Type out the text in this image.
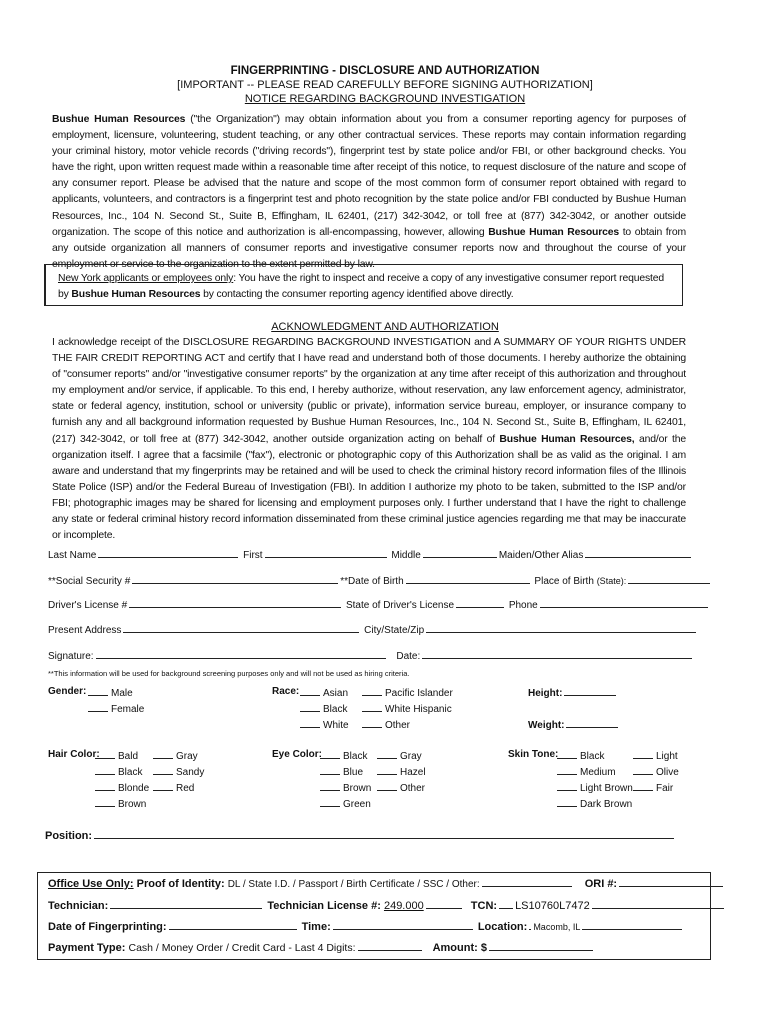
FINGERPRINTING - DISCLOSURE AND AUTHORIZATION
[IMPORTANT -- PLEASE READ CAREFULLY BEFORE SIGNING AUTHORIZATION]
NOTICE REGARDING BACKGROUND INVESTIGATION
Bushue Human Resources ("the Organization") may obtain information about you from a consumer reporting agency for purposes of employment, licensure, volunteering, student teaching, or any other contractual services. These reports may contain information regarding your criminal history, motor vehicle records ("driving records"), fingerprint test by state police and/or FBI, or other background checks. You have the right, upon written request made within a reasonable time after receipt of this notice, to request disclosure of the nature and scope of any consumer report. Please be advised that the nature and scope of the most common form of consumer report obtained with regard to applicants, volunteers, and contractors is a fingerprint test and photo recognition by the state police and/or FBI conducted by Bushue Human Resources, Inc., 104 N. Second St., Suite B, Effingham, IL 62401, (217) 342-3042, or toll free at (877) 342-3042, or another outside organization. The scope of this notice and authorization is all-encompassing, however, allowing Bushue Human Resources to obtain from any outside organization all manners of consumer reports and investigative consumer reports now and throughout the course of your employment or service to the organization to the extent permitted by law.
New York applicants or employees only: You have the right to inspect and receive a copy of any investigative consumer report requested by Bushue Human Resources by contacting the consumer reporting agency identified above directly.
ACKNOWLEDGMENT AND AUTHORIZATION
I acknowledge receipt of the DISCLOSURE REGARDING BACKGROUND INVESTIGATION and A SUMMARY OF YOUR RIGHTS UNDER THE FAIR CREDIT REPORTING ACT and certify that I have read and understand both of those documents. I hereby authorize the obtaining of "consumer reports" and/or "investigative consumer reports" by the organization at any time after receipt of this authorization and throughout my employment and/or service, if applicable. To this end, I hereby authorize, without reservation, any law enforcement agency, administrator, state or federal agency, institution, school or university (public or private), information service bureau, employer, or insurance company to furnish any and all background information requested by Bushue Human Resources, Inc., 104 N. Second St., Suite B, Effingham, IL 62401, (217) 342-3042, or toll free at (877) 342-3042, another outside organization acting on behalf of Bushue Human Resources, and/or the organization itself. I agree that a facsimile ("fax"), electronic or photographic copy of this Authorization shall be as valid as the original. I am aware and understand that my fingerprints may be retained and will be used to check the criminal history record information files of the Illinois State Police (ISP) and/or the Federal Bureau of Investigation (FBI). In addition I authorize my photo to be taken, submitted to the ISP and/or FBI; photographic images may be shared for licensing and employment purposes only. I further understand that I have the right to challenge any state or federal criminal history record information disseminated from these criminal justice agencies regarding me that may be inaccurate or incomplete.
Last Name	First	Middle	Maiden/Other Alias
**Social Security #	**Date of Birth	Place of Birth (State):
Driver's License #	State of Driver's License	Phone
Present Address	City/State/Zip
Signature:	Date:
**This information will be used for background screening purposes only and will not be used as hiring criteria.
Gender:	Male
Female
Race:	Asian	Pacific Islander
Black	White Hispanic
White	Other
Height:
Weight:
Hair Color:	Bald	Gray
Black	Sandy
Blonde	Red
Brown
Eye Color:	Black	Gray
Blue	Hazel
Brown	Other
Green
Skin Tone:	Black	Light
Medium	Olive
Light Brown	Fair
Dark Brown
Position:
Office Use Only: Proof of Identity: DL / State I.D. / Passport / Birth Certificate / SSC / Other:	ORI #:
Technician:	Technician License #: 249.000	TCN: LS10760L7472
Date of Fingerprinting:	Time:	Location: Macomb, IL
Payment Type: Cash / Money Order / Credit Card - Last 4 Digits:	Amount: $
